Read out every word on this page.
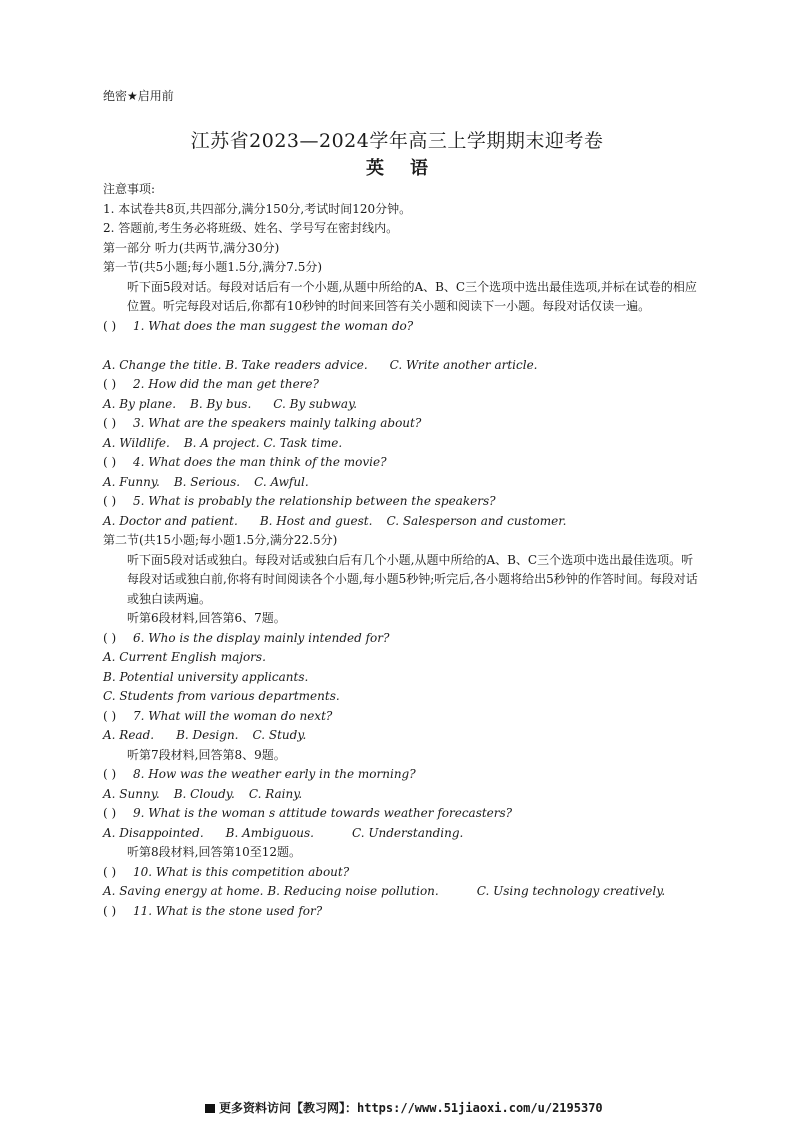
绝密★启用前
江苏省2023—2024学年高三上学期期末迎考卷
英语
注意事项:
1. 本试卷共8页,共四部分,满分150分,考试时间120分钟。
2. 答题前,考生务必将班级、姓名、学号写在密封线内。
第一部分 听力(共两节,满分30分)
第一节(共5小题;每小题1.5分,满分7.5分)
听下面5段对话。每段对话后有一个小题,从题中所给的A、B、C三个选项中选出最佳选项,并标在试卷的相应位置。听完每段对话后,你都有10秒钟的时间来回答有关小题和阅读下一小题。每段对话仅读一遍。
( ) 1. What does the man suggest the woman do?
A. Change the title. B. Take readers advice. C. Write another article.
( ) 2. How did the man get there?
A. By plane. B. By bus. C. By subway.
( ) 3. What are the speakers mainly talking about?
A. Wildlife. B. A project. C. Task time.
( ) 4. What does the man think of the movie?
A. Funny. B. Serious. C. Awful.
( ) 5. What is probably the relationship between the speakers?
A. Doctor and patient. B. Host and guest. C. Salesperson and customer.
第二节(共15小题;每小题1.5分,满分22.5分)
听下面5段对话或独白。每段对话或独白后有几个小题,从题中所给的A、B、C三个选项中选出最佳选项。听每段对话或独白前,你将有时间阅读各个小题,每小题5秒钟;听完后,各小题将给出5秒钟的作答时间。每段对话或独白读两遍。
听第6段材料,回答第6、7题。
( ) 6. Who is the display mainly intended for?
A. Current English majors.
B. Potential university applicants.
C. Students from various departments.
( ) 7. What will the woman do next?
A. Read. B. Design. C. Study.
听第7段材料,回答第8、9题。
( ) 8. How was the weather early in the morning?
A. Sunny. B. Cloudy. C. Rainy.
( ) 9. What is the woman s attitude towards weather forecasters?
A. Disappointed. B. Ambiguous.	C. Understanding.
听第8段材料,回答第10至12题。
( ) 10. What is this competition about?
A. Saving energy at home. B. Reducing noise pollution.	C. Using technology creatively.
( ) 11. What is the stone used for?
更多资料访问【教习网】：https://www.51jiaoxi.com/u/2195370
